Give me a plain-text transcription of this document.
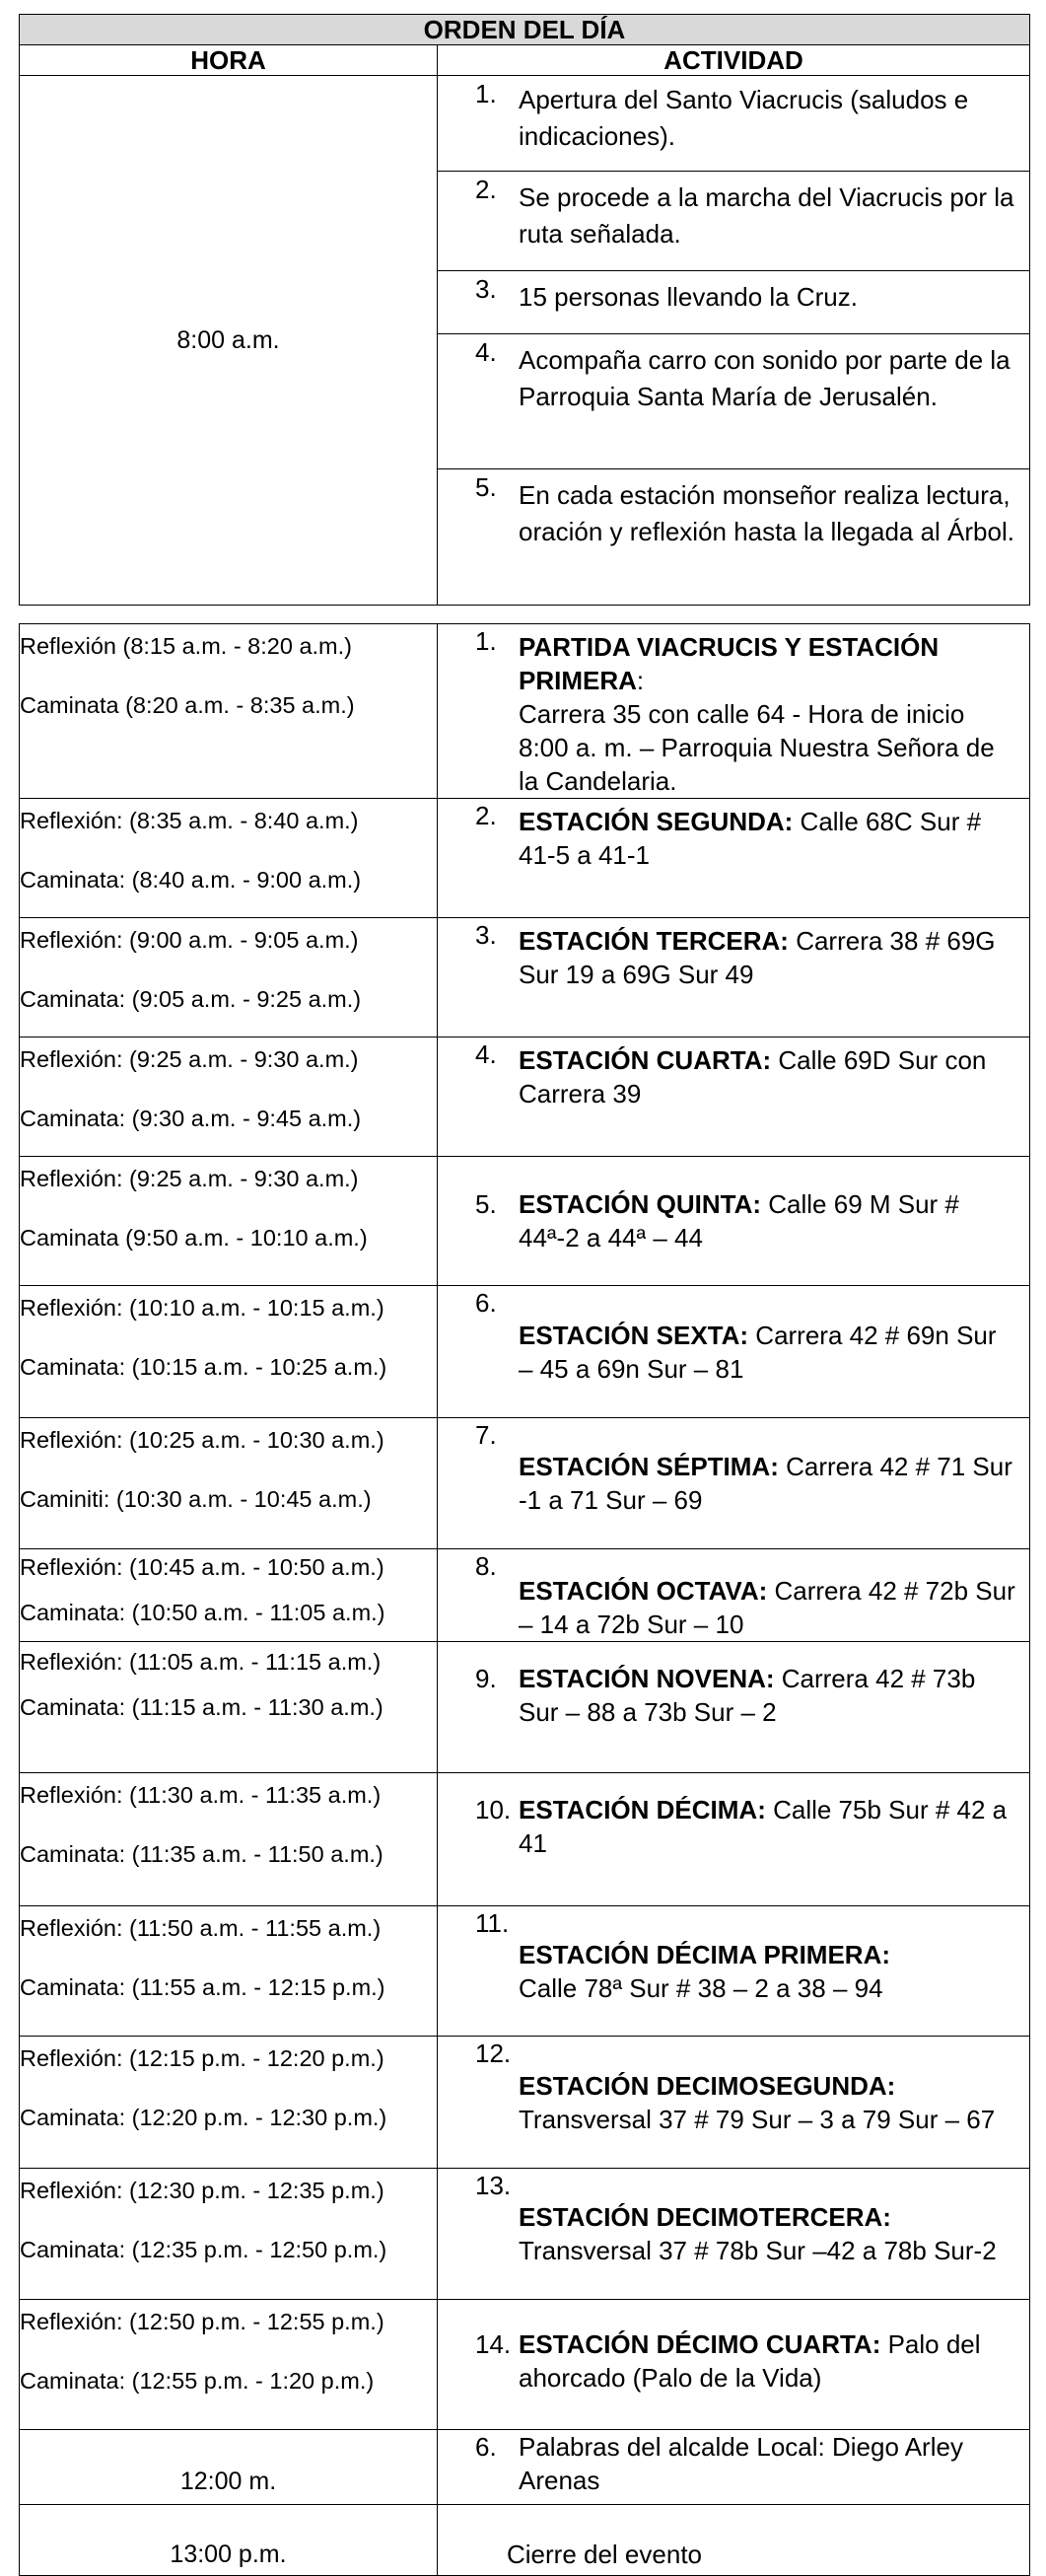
ORDEN DEL DÍA	
HORA	ACTIVIDAD
8:00 a.m.	1. Apertura del Santo Viacrucis (saludos e indicaciones).

	2. Se procede a la marcha del Viacrucis por la ruta señalada.

	3. 15 personas llevando la Cruz.

	4. Acompaña carro con sonido por parte de la Parroquia Santa María de Jerusalén.

	5. En cada estación monseñor realiza lectura, oración y reflexión hasta la llegada al Árbol.
Reflexión (8:15 a.m. - 8:20 a.m.)
Caminata (8:20 a.m. - 8:35 a.m.)	1. PARTIDA VIACRUCIS Y ESTACIÓN PRIMERA:
Carrera 35 con calle 64 - Hora de inicio 8:00 a. m. – Parroquia Nuestra Señora de la Candelaria.

Reflexión: (8:35 a.m. - 8:40 a.m.)
Caminata: (8:40 a.m. - 9:00 a.m.)	2. ESTACIÓN SEGUNDA: Calle 68C Sur # 41-5 a 41-1

Reflexión: (9:00 a.m. - 9:05 a.m.)
Caminata: (9:05 a.m. - 9:25 a.m.)	3. ESTACIÓN TERCERA: Carrera 38 # 69G Sur 19 a 69G Sur 49

Reflexión: (9:25 a.m. - 9:30 a.m.)
Caminata: (9:30 a.m. - 9:45 a.m.)	4. ESTACIÓN CUARTA: Calle 69D Sur con Carrera 39

Reflexión: (9:25 a.m. - 9:30 a.m.)
Caminata (9:50 a.m. - 10:10 a.m.)	5. ESTACIÓN QUINTA: Calle 69 M Sur # 44ª-2 a 44ª – 44

Reflexión: (10:10 a.m. - 10:15 a.m.)
Caminata: (10:15 a.m. - 10:25 a.m.)	6.
ESTACIÓN SEXTA: Carrera 42 # 69n Sur – 45 a 69n Sur – 81

Reflexión: (10:25 a.m. - 10:30 a.m.)
Caminiti: (10:30 a.m. - 10:45 a.m.)	7.
ESTACIÓN SÉPTIMA: Carrera 42 # 71 Sur -1 a 71 Sur – 69

Reflexión: (10:45 a.m. - 10:50 a.m.)
Caminata: (10:50 a.m. - 11:05 a.m.)	8.
ESTACIÓN OCTAVA: Carrera 42 # 72b Sur – 14 a 72b Sur – 10

Reflexión: (11:05 a.m. - 11:15 a.m.)
Caminata: (11:15 a.m. - 11:30 a.m.)	9. ESTACIÓN NOVENA: Carrera 42 # 73b Sur – 88 a 73b Sur – 2

Reflexión: (11:30 a.m. - 11:35 a.m.)
Caminata: (11:35 a.m. - 11:50 a.m.)	10. ESTACIÓN DÉCIMA: Calle 75b Sur # 42 a 41

Reflexión: (11:50 a.m. - 11:55 a.m.)
Caminata: (11:55 a.m. - 12:15 p.m.)	11.
ESTACIÓN DÉCIMA PRIMERA:
Calle 78ª Sur # 38 – 2 a 38 – 94

Reflexión: (12:15 p.m. - 12:20 p.m.)
Caminata: (12:20 p.m. - 12:30 p.m.)	12.
ESTACIÓN DECIMOSEGUNDA:
Transversal 37 # 79 Sur – 3 a 79 Sur – 67

Reflexión: (12:30 p.m. - 12:35 p.m.)
Caminata: (12:35 p.m. - 12:50 p.m.)	13.
ESTACIÓN DECIMOTERCERA:
Transversal 37 # 78b Sur –42 a 78b Sur-2

Reflexión: (12:50 p.m. - 12:55 p.m.)
Caminata: (12:55 p.m. - 1:20 p.m.)	14. ESTACIÓN DÉCIMO CUARTA: Palo del ahorcado (Palo de la Vida)

12:00 m.	6. Palabras del alcalde Local: Diego Arley Arenas

13:00 p.m.	Cierre del evento
